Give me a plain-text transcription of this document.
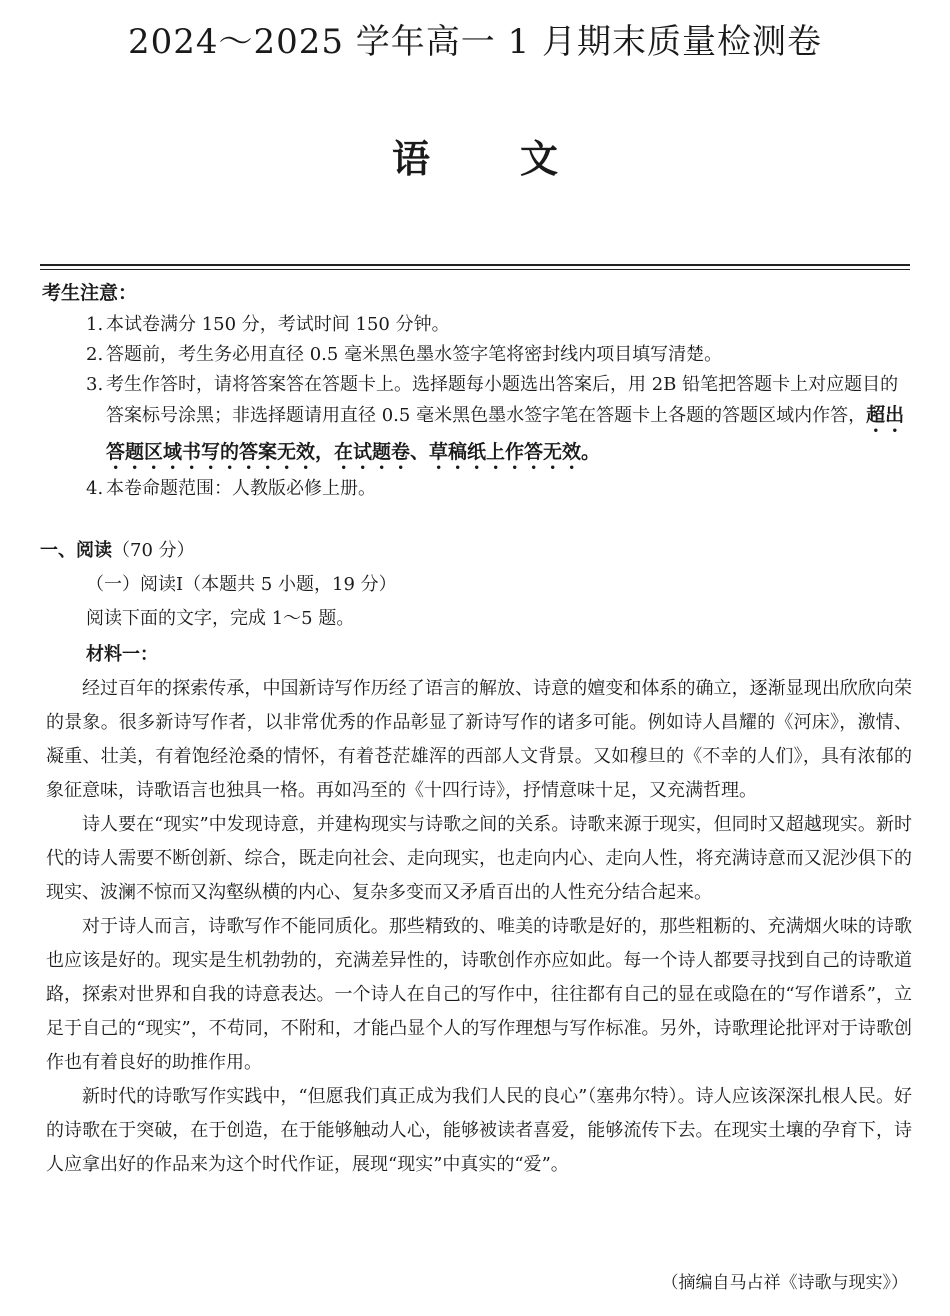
2024～2025 学年高一 1 月期末质量检测卷
语文
考生注意：
1. 本试卷满分 150 分，考试时间 150 分钟。
2. 答题前，考生务必用直径 0.5 毫米黑色墨水签字笔将密封线内项目填写清楚。
3. 考生作答时，请将答案答在答题卡上。选择题每小题选出答案后，用 2B 铅笔把答题卡上对应题目的答案标号涂黑；非选择题请用直径 0.5 毫米黑色墨水签字笔在答题卡上各题的答题区域内作答，超出答题区域书写的答案无效，在试题卷、草稿纸上作答无效。
4. 本卷命题范围：人教版必修上册。
一、阅读（70 分）
（一）阅读Ⅰ（本题共 5 小题，19 分）
阅读下面的文字，完成 1～5 题。
材料一：

经过百年的探索传承，中国新诗写作历经了语言的解放、诗意的嬗变和体系的确立，逐渐显现出欣欣向荣的景象。很多新诗写作者，以非常优秀的作品彰显了新诗写作的诸多可能。例如诗人昌耀的《河床》，激情、凝重、壮美，有着饱经沧桑的情怀，有着苍茫雄浑的西部人文背景。又如穆旦的《不幸的人们》，具有浓郁的象征意味，诗歌语言也独具一格。再如冯至的《十四行诗》，抒情意味十足，又充满哲理。

诗人要在“现实”中发现诗意，并建构现实与诗歌之间的关系。诗歌来源于现实，但同时又超越现实。新时代的诗人需要不断创新、综合，既走向社会、走向现实，也走向内心、走向人性，将充满诗意而又泥沙俱下的现实、波澜不惊而又沟壑纵横的内心、复杂多变而又矛盾百出的人性充分结合起来。

对于诗人而言，诗歌写作不能同质化。那些精致的、唯美的诗歌是好的，那些粗粝的、充满烟火味的诗歌也应该是好的。现实是生机勃勃的，充满差异性的，诗歌创作亦应如此。每一个诗人都要寻找到自己的诗歌道路，探索对世界和自我的诗意表达。一个诗人在自己的写作中，往往都有自己的显在或隐在的“写作谱系”，立足于自己的“现实”，不苟同，不附和，才能凸显个人的写作理想与写作标准。另外，诗歌理论批评对于诗歌创作也有着良好的助推作用。

新时代的诗歌写作实践中，“但愿我们真正成为我们人民的良心”（塞弗尔特）。诗人应该深深扎根人民。好的诗歌在于突破，在于创造，在于能够触动人心，能够被读者喜爱，能够流传下去。在现实土壤的孕育下，诗人应拿出好的作品来为这个时代作证，展现“现实”中真实的“爱”。

（摘编自马占祥《诗歌与现实》）
